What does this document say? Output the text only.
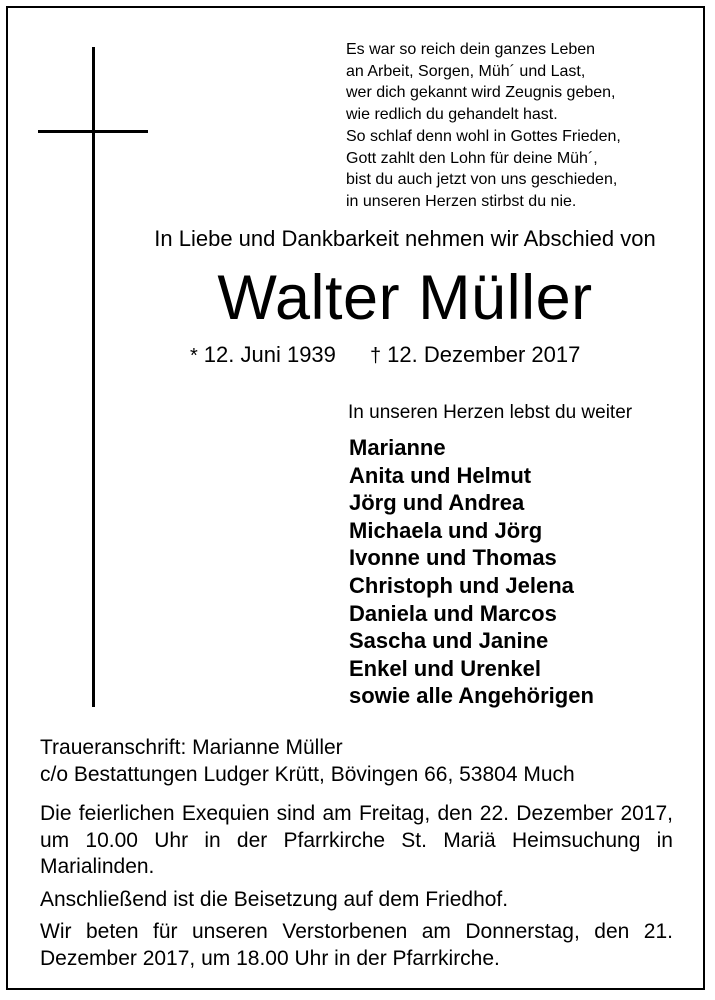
Es war so reich dein ganzes Leben
an Arbeit, Sorgen, Müh´ und Last,
wer dich gekannt wird Zeugnis geben,
wie redlich du gehandelt hast.
So schlaf denn wohl in Gottes Frieden,
Gott zahlt den Lohn für deine Müh´,
bist du auch jetzt von uns geschieden,
in unseren Herzen stirbst du nie.
In Liebe und Dankbarkeit nehmen wir Abschied von
Walter Müller
* 12. Juni 1939 † 12. Dezember 2017
In unseren Herzen lebst du weiter
Marianne
Anita und Helmut
Jörg und Andrea
Michaela und Jörg
Ivonne und Thomas
Christoph und Jelena
Daniela und Marcos
Sascha und Janine
Enkel und Urenkel
sowie alle Angehörigen
Traueranschrift: Marianne Müller
c/o Bestattungen Ludger Krütt, Bövingen 66, 53804 Much

Die feierlichen Exequien sind am Freitag, den 22. Dezember 2017, um 10.00 Uhr in der Pfarrkirche St. Mariä Heimsuchung in Marialinden.

Anschließend ist die Beisetzung auf dem Friedhof.

Wir beten für unseren Verstorbenen am Donnerstag, den 21. Dezember 2017, um 18.00 Uhr in der Pfarrkirche.
